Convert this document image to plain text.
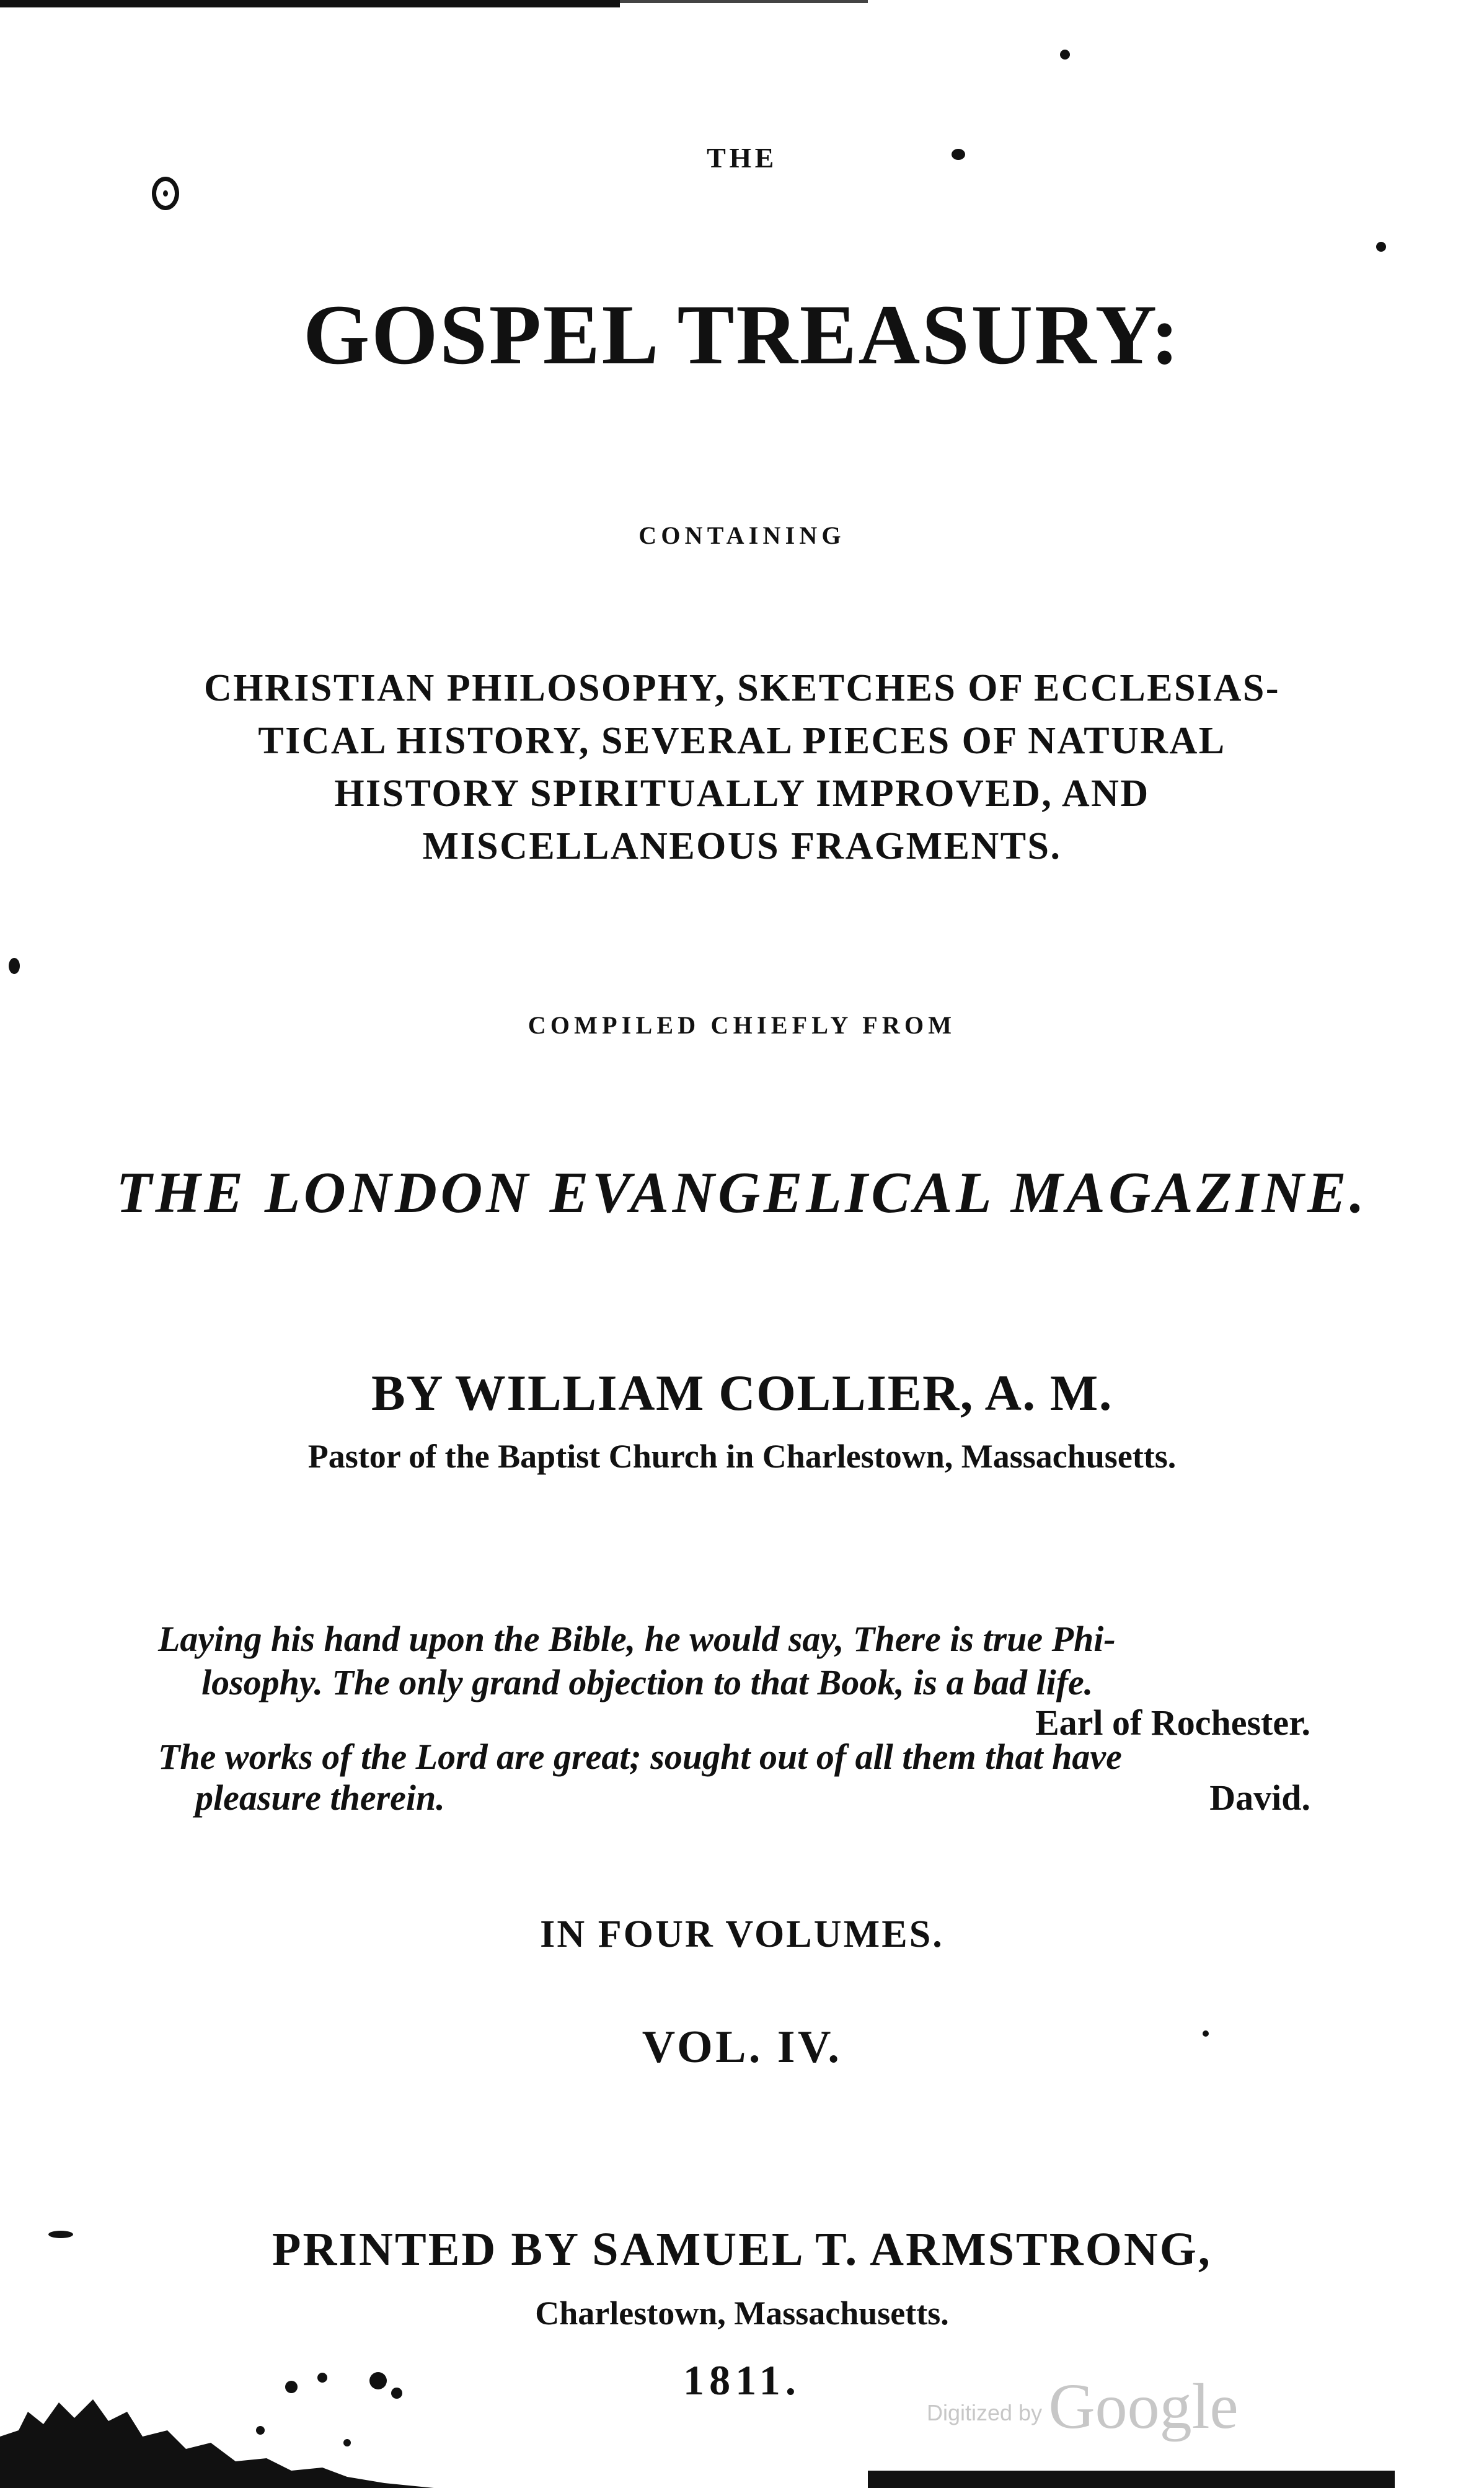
THE
GOSPEL TREASURY:
CONTAINING
CHRISTIAN PHILOSOPHY, SKETCHES OF ECCLESIAS-
TICAL HISTORY, SEVERAL PIECES OF NATURAL
HISTORY SPIRITUALLY IMPROVED, AND
MISCELLANEOUS FRAGMENTS.
COMPILED CHIEFLY FROM
THE LONDON EVANGELICAL MAGAZINE.
BY WILLIAM COLLIER, A. M.
Pastor of the Baptist Church in Charlestown, Massachusetts.
Laying his hand upon the Bible, he would say, There is true Phi-
losophy. The only grand objection to that Book, is a bad life.
Earl of Rochester.
The works of the Lord are great; sought out of all them that have
pleasure therein.	David.
IN FOUR VOLUMES.
VOL. IV.
PRINTED BY SAMUEL T. ARMSTRONG,
Charlestown, Massachusetts.
1811.
Digitized by Google
